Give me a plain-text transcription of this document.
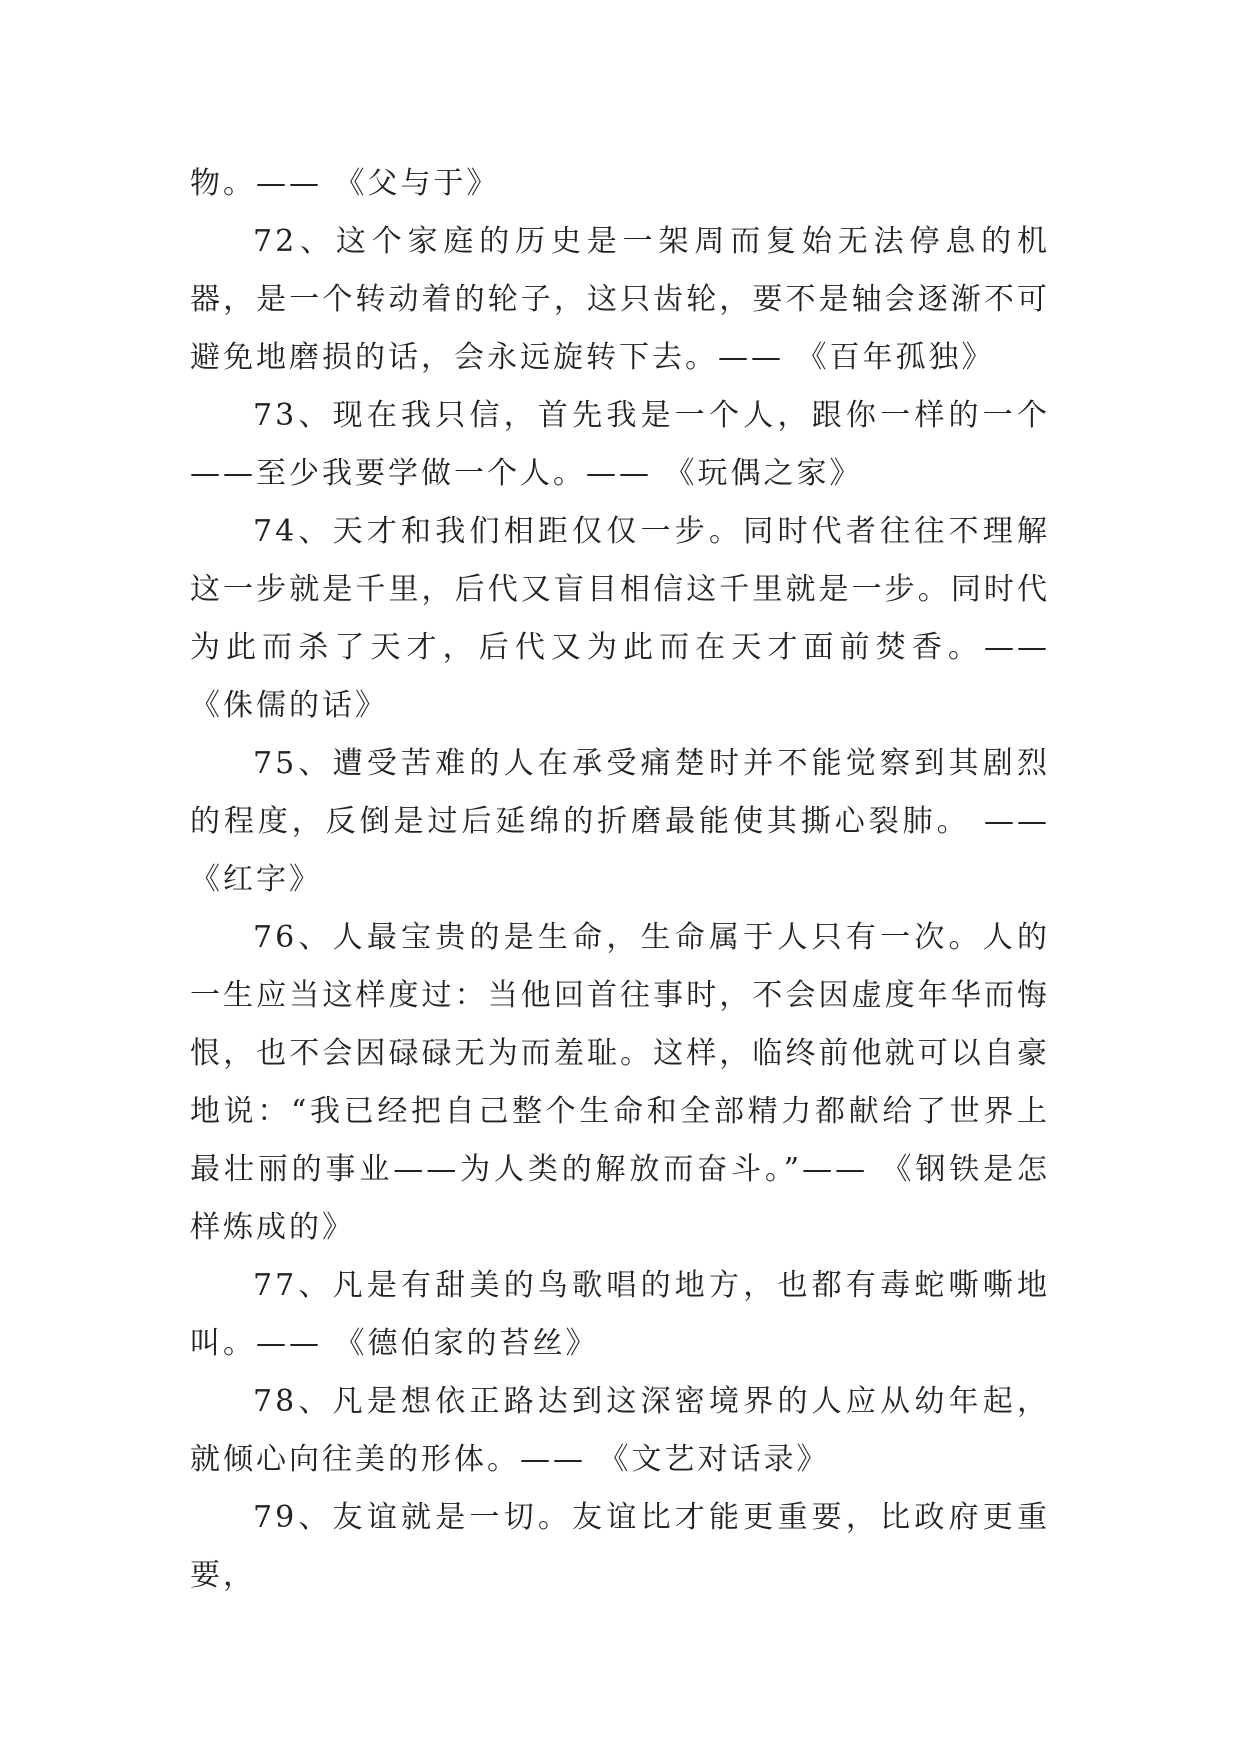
物。—— 《父与于》

72、这个家庭的历史是一架周而复始无法停息的机器，是一个转动着的轮子，这只齿轮，要不是轴会逐渐不可避免地磨损的话，会永远旋转下去。—— 《百年孤独》

73、现在我只信，首先我是一个人，跟你一样的一个——至少我要学做一个人。—— 《玩偶之家》

74、天才和我们相距仅仅一步。同时代者往往不理解这一步就是千里，后代又盲目相信这千里就是一步。同时代为此而杀了天才，后代又为此而在天才面前焚香。—— 《侏儒的话》

75、遭受苦难的人在承受痛楚时并不能觉察到其剧烈的程度，反倒是过后延绵的折磨最能使其撕心裂肺。 ——《红字》

76、人最宝贵的是生命，生命属于人只有一次。人的一生应当这样度过：当他回首往事时，不会因虚度年华而悔恨，也不会因碌碌无为而羞耻。这样，临终前他就可以自豪地说：“我已经把自己整个生命和全部精力都献给了世界上最壮丽的事业——为人类的解放而奋斗。”—— 《钢铁是怎样炼成的》

77、凡是有甜美的鸟歌唱的地方，也都有毒蛇嘶嘶地叫。—— 《德伯家的苔丝》

78、凡是想依正路达到这深密境界的人应从幼年起，就倾心向往美的形体。—— 《文艺对话录》

79、友谊就是一切。友谊比才能更重要，比政府更重要，
